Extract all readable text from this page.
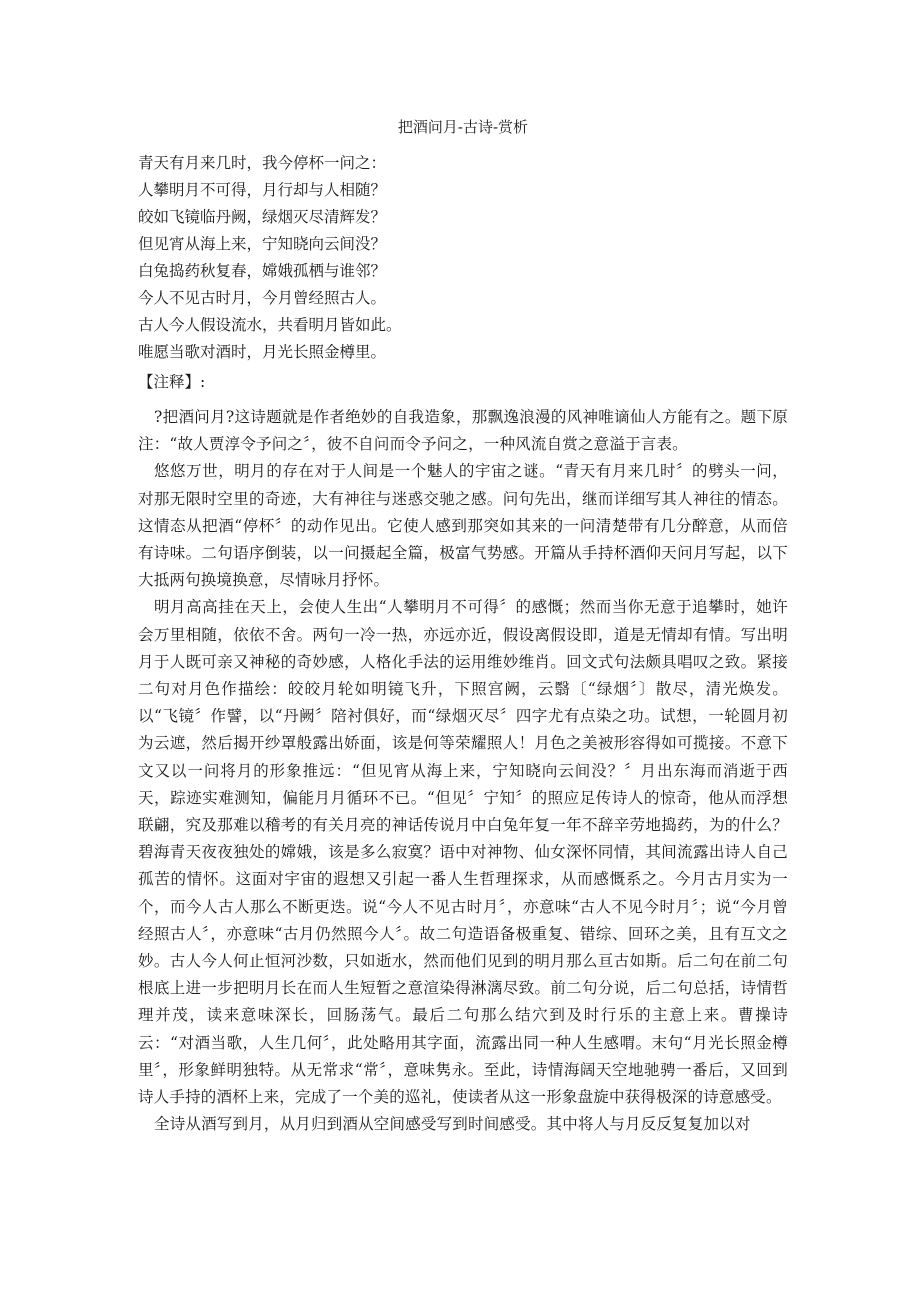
把酒问月-古诗-赏析
青天有月来几时，我今停杯一问之：
人攀明月不可得，月行却与人相随？
皎如飞镜临丹阙，绿烟灭尽清辉发？
但见宵从海上来，宁知晓向云间没？
白兔捣药秋复春，嫦娥孤栖与谁邻？
今人不见古时月，今月曾经照古人。
古人今人假设流水，共看明月皆如此。
唯愿当歌对酒时，月光长照金樽里。
【注释】:

?把酒问月?这诗题就是作者绝妙的自我造象，那飘逸浪漫的风神唯谪仙人方能有之。题下原注：“故人贾淳令予问之〞，彼不自问而令予问之，一种风流自赏之意溢于言表。

悠悠万世，明月的存在对于人间是一个魅人的宇宙之谜。“青天有月来几时〞的劈头一问，对那无限时空里的奇迹，大有神往与迷惑交驰之感。问句先出，继而详细写其人神往的情态。这情态从把酒“停杯〞的动作见出。它使人感到那突如其来的一问清楚带有几分醉意，从而倍有诗味。二句语序倒装，以一问摄起全篇，极富气势感。开篇从手持杯酒仰天问月写起，以下大抵两句换境换意，尽情咏月抒怀。

明月高高挂在天上，会使人生出“人攀明月不可得〞的感慨；然而当你无意于追攀时，她许会万里相随，依依不舍。两句一冷一热，亦远亦近，假设离假设即，道是无情却有情。写出明月于人既可亲又神秘的奇妙感，人格化手法的运用维妙维肖。回文式句法颇具唱叹之致。紧接二句对月色作描绘：皎皎月轮如明镜飞升，下照宫阙，云翳〔“绿烟〞〕散尽，清光焕发。以“飞镜〞作譬，以“丹阙〞陪衬俱好，而“绿烟灭尽〞四字尤有点染之功。试想，一轮圆月初为云遮，然后揭开纱罩般露出娇面，该是何等荣耀照人！月色之美被形容得如可揽接。不意下文又以一问将月的形象推远：“但见宵从海上来，宁知晓向云间没？〞月出东海而消逝于西天，踪迹实难测知，偏能月月循环不已。“但见〞宁知〞的照应足传诗人的惊奇，他从而浮想联翩，究及那难以稽考的有关月亮的神话传说月中白兔年复一年不辞辛劳地捣药，为的什么？碧海青天夜夜独处的嫦娥，该是多么寂寞？语中对神物、仙女深怀同情，其间流露出诗人自己孤苦的情怀。这面对宇宙的遐想又引起一番人生哲理探求，从而感慨系之。今月古月实为一个，而今人古人那么不断更迭。说“今人不见古时月〞，亦意味“古人不见今时月〞；说“今月曾经照古人〞，亦意味“古月仍然照今人〞。故二句造语备极重复、错综、回环之美，且有互文之妙。古人今人何止恒河沙数，只如逝水，然而他们见到的明月那么亘古如斯。后二句在前二句根底上进一步把明月长在而人生短暂之意渲染得淋漓尽致。前二句分说，后二句总括，诗情哲理并茂，读来意味深长，回肠荡气。最后二句那么结穴到及时行乐的主意上来。曹操诗云：“对酒当歌，人生几何〞，此处略用其字面，流露出同一种人生感喟。末句“月光长照金樽里〞，形象鲜明独特。从无常求“常〞，意味隽永。至此，诗情海阔天空地驰骋一番后，又回到诗人手持的酒杯上来，完成了一个美的巡礼，使读者从这一形象盘旋中获得极深的诗意感受。

全诗从酒写到月，从月归到酒从空间感受写到时间感受。其中将人与月反反复复加以对
